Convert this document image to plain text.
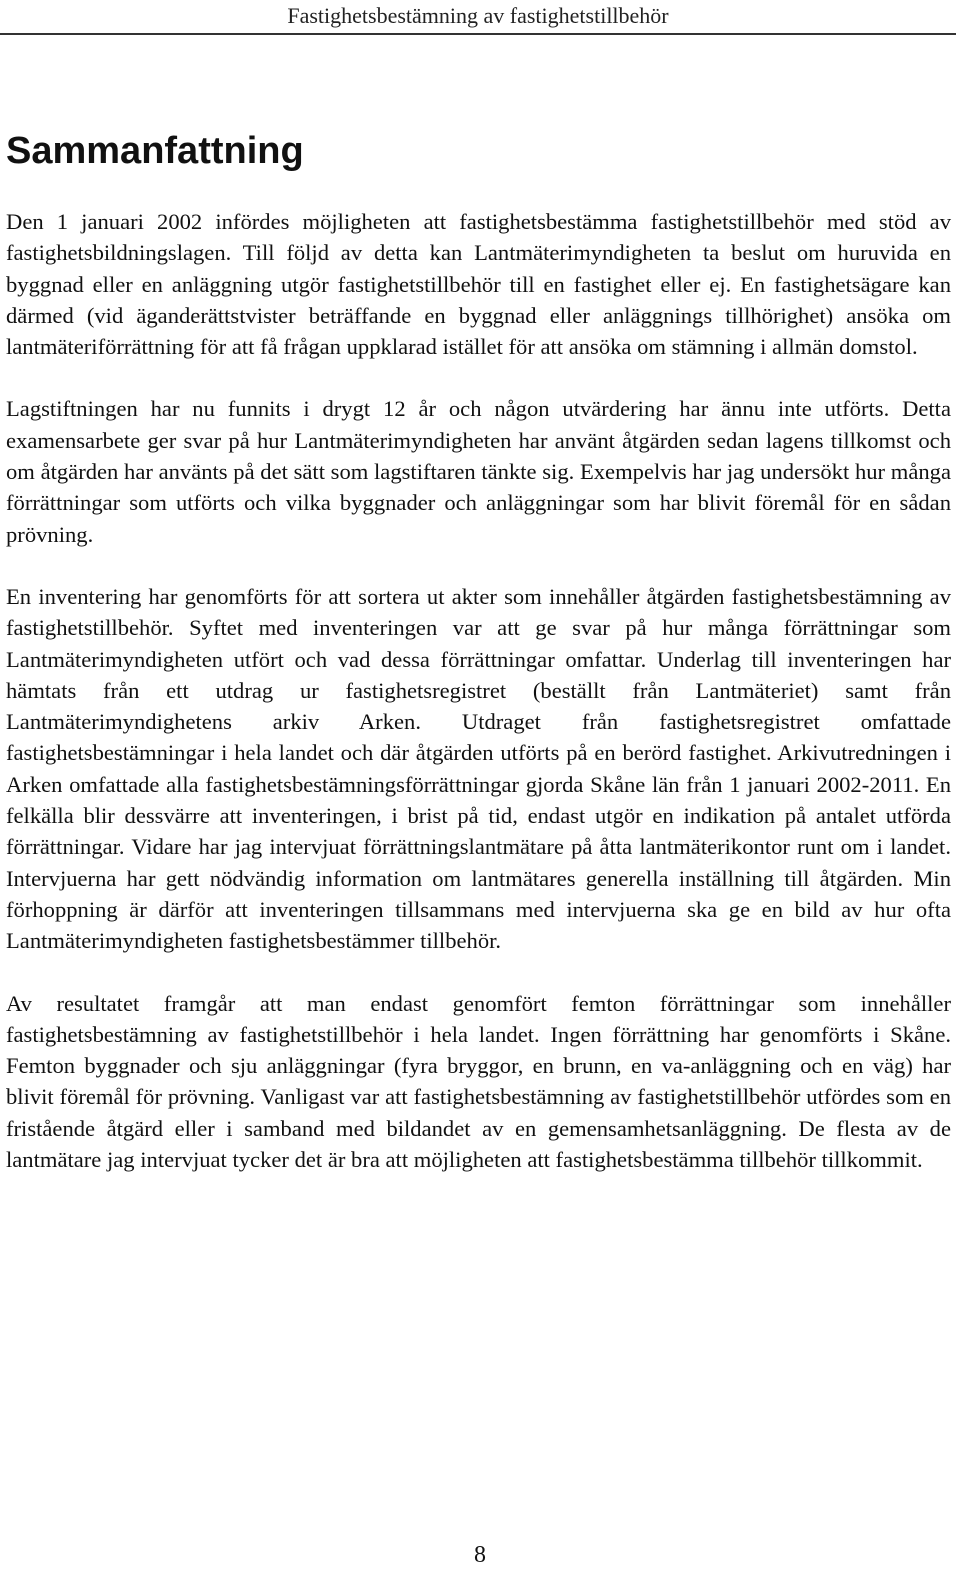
Fastighetsbestämning av fastighetstillbehör
Sammanfattning

Den 1 januari 2002 infördes möjligheten att fastighetsbestämma fastighetstillbehör med stöd av fastighetsbildningslagen. Till följd av detta kan Lantmäterimyndigheten ta beslut om huruvida en byggnad eller en anläggning utgör fastighetstillbehör till en fastighet eller ej. En fastighetsägare kan därmed (vid äganderättstvister beträffande en byggnad eller anläggnings tillhörighet) ansöka om lantmäteriförrättning för att få frågan uppklarad istället för att ansöka om stämning i allmän domstol.

Lagstiftningen har nu funnits i drygt 12 år och någon utvärdering har ännu inte utförts. Detta examensarbete ger svar på hur Lantmäterimyndigheten har använt åtgärden sedan lagens tillkomst och om åtgärden har använts på det sätt som lagstiftaren tänkte sig. Exempelvis har jag undersökt hur många förrättningar som utförts och vilka byggnader och anläggningar som har blivit föremål för en sådan prövning.

En inventering har genomförts för att sortera ut akter som innehåller åtgärden fastighetsbestämning av fastighetstillbehör. Syftet med inventeringen var att ge svar på hur många förrättningar som Lantmäterimyndigheten utfört och vad dessa förrättningar omfattar. Underlag till inventeringen har hämtats från ett utdrag ur fastighetsregistret (beställt från Lantmäteriet) samt från Lantmäterimyndighetens arkiv Arken. Utdraget från fastighetsregistret omfattade fastighetsbestämningar i hela landet och där åtgärden utförts på en berörd fastighet. Arkivutredningen i Arken omfattade alla fastighetsbestämningsförrättningar gjorda Skåne län från 1 januari 2002-2011. En felkälla blir dessvärre att inventeringen, i brist på tid, endast utgör en indikation på antalet utförda förrättningar. Vidare har jag intervjuat förrättningslantmätare på åtta lantmäterikontor runt om i landet. Intervjuerna har gett nödvändig information om lantmätares generella inställning till åtgärden. Min förhoppning är därför att inventeringen tillsammans med intervjuerna ska ge en bild av hur ofta Lantmäterimyndigheten fastighetsbestämmer tillbehör.

Av resultatet framgår att man endast genomfört femton förrättningar som innehåller fastighetsbestämning av fastighetstillbehör i hela landet. Ingen förrättning har genomförts i Skåne. Femton byggnader och sju anläggningar (fyra bryggor, en brunn, en va-anläggning och en väg) har blivit föremål för prövning. Vanligast var att fastighetsbestämning av fastighetstillbehör utfördes som en fristående åtgärd eller i samband med bildandet av en gemensamhetsanläggning. De flesta av de lantmätare jag intervjuat tycker det är bra att möjligheten att fastighetsbestämma tillbehör tillkommit.

8
